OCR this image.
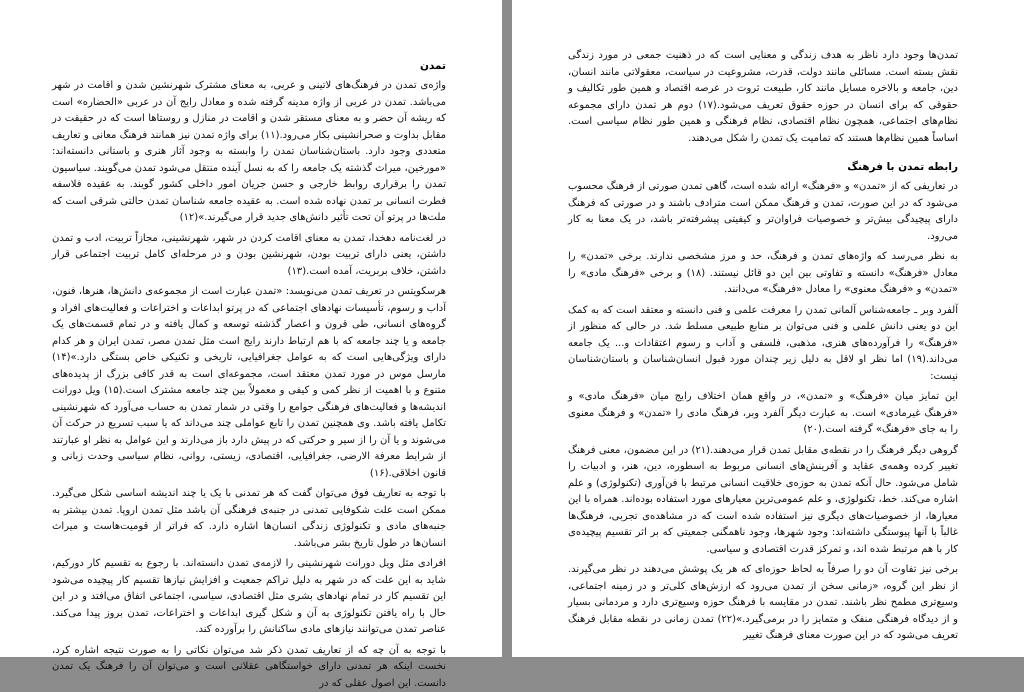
تمدن

واژه‌ی تمدن در فرهنگ‌های لاتینی و عربی، به معنای مشترک شهرنشین شدن و اقامت در شهر می‌باشد. تمدن در عربی از واژه مدینه گرفته شده و معادل رایج آن در عربی «الحضاره» است که ریشه آن حضر و به معنای مستقر شدن و اقامت در منازل و روستاها است که در حقیقت در مقابل بداوت و صحرانشینی بکار می‌رود.(۱۱) برای واژه تمدن نیز همانند فرهنگ معانی و تعاریف متعددی وجود دارد. باستان‌شناسان تمدن را وابسته به وجود آثار هنری و باستانی دانسته‌اند: «مورخین، میراث گذشته یک جامعه را که به نسل آینده منتقل می‌شود تمدن می‌گویند. سیاسیون تمدن را برقراری روابط خارجی و حسن جریان امور داخلی کشور گویند. به عقیده فلاسفه فطرت انسانی بر تمدن نهاده شده است. به عقیده جامعه شناسان تمدن حالتی شرقی است که ملت‌ها در پرتو آن تحت تأثیر دانش‌های جدید قرار می‌گیرند.»(۱۲)

در لغت‌نامه دهخدا، تمدن به معنای اقامت کردن در شهر، شهرنشینی، مجازاً تربیت، ادب و تمدن داشتن، یعنی دارای تربیت بودن، شهرنشین بودن و در مرحله‌ای کامل تربیت اجتماعی قرار داشتن، خلاف بربریت، آمده است.(۱۳)

هرسکویتس در تعریف تمدن می‌نویسد: «تمدن عبارت است از مجموعه‌ی دانش‌ها، هنرها، فنون، آداب و رسوم، تأسیسات نهادهای اجتماعی که در پرتو ابداعات و اختراعات و فعالیت‌های افراد و گروه‌های انسانی، طی قرون و اعصار گذشته توسعه و کمال یافته و در تمام قسمت‌های یک جامعه و یا چند جامعه که با هم ارتباط دارند رایج است مثل تمدن مصر، تمدن ایران و هر کدام دارای ویژگی‌هایی است که به عوامل جغرافیایی، تاریخی و تکنیکی خاص بستگی دارد.»(۱۴) مارسل موس در مورد تمدن معتقد است، مجموعه‌ای است به قدر کافی بزرگ از پدیده‌های متنوع و با اهمیت از نظر کمی و کیفی و معمولاً بین چند جامعه مشترک است.(۱۵) ویل دورانت اندیشه‌ها و فعالیت‌های فرهنگی جوامع را وقتی در شمار تمدن به حساب می‌آورد که شهرنشینی تکامل یافته باشد. وی همچنین تمدن را تابع عواملی چند می‌داند که یا سبب تسریع در حرکت آن می‌شوند و یا آن را از سیر و حرکتی که در پیش دارد باز می‌دارند و این عوامل به نظر او عبارتند از شرایط معرفة الارضی، جغرافیایی، اقتصادی، زیستی، روانی، نظام سیاسی وحدت زبانی و قانون اخلاقی.(۱۶)

با توجه به تعاریف فوق می‌توان گفت که هر تمدنی با یک یا چند اندیشه اساسی شکل می‌گیرد. ممکن است علت شکوفایی تمدنی در جنبه‌ی فرهنگی آن باشد مثل تمدن اروپا. تمدن بیشتر به جنبه‌های مادی و تکنولوژی زندگی انسان‌ها اشاره دارد. که فراتر از قومیت‌هاست و میراث انسان‌ها در طول تاریخ بشر می‌باشد.

افرادی مثل ویل دورانت شهرنشینی را لازمه‌ی تمدن دانسته‌اند. با رجوع به تقسیم کار دورکیم، شاید به این علت که در شهر به دلیل تراکم جمعیت و افزایش نیازها تقسیم کار پیچیده می‌شود این تقسیم کار در تمام نهادهای بشری مثل اقتصادی، سیاسی، اجتماعی اتفاق می‌افتد و در این حال با راه یافتن تکنولوژی به آن و شکل گیری ابداعات و اختراعات، تمدن بروز پیدا می‌کند. عناصر تمدن می‌توانند نیازهای مادی ساکنانش را برآورده کند.

با توجه به آن چه که از تعاریف تمدن ذکر شد می‌توان نکاتی را به صورت نتیجه اشاره کرد، نخست اینکه هر تمدنی دارای خواستگاهی عقلانی است و می‌توان آن را فرهنگ یک تمدن دانست. این اصول عقلی که در

تمدن‌ها وجود دارد ناظر به هدف زندگی و معنایی است که در ذهنیت جمعی در مورد زندگی نقش بسته است. مسائلی مانند دولت، قدرت، مشروعیت در سیاست، معقولاتی مانند انسان، دین، جامعه و بالاخره مسایل مانند کار، طبیعت ثروت در عرصه اقتصاد و همین طور تکالیف و حقوقی که برای انسان در حوزه حقوق تعریف می‌شود.(۱۷) دوم هر تمدن دارای مجموعه نظام‌های اجتماعی، همچون نظام اقتصادی، نظام فرهنگی و همین طور نظام سیاسی است. اساساً همین نظام‌ها هستند که تمامیت یک تمدن را شکل می‌دهند.

رابطه تمدن با فرهنگ

در تعاریفی که از «تمدن» و «فرهنگ» ارائه شده است، گاهی تمدن صورتی از فرهنگ محسوب می‌شود که در این صورت، تمدن و فرهنگ ممکن است مترادف باشند و در صورتی که فرهنگ دارای پیچیدگی بیش‌تر و خصوصیات فراوان‌تر و کیفیتی پیشرفته‌تر باشد، در یک معنا به کار می‌رود.

به نظر می‌رسد که واژه‌های تمدن و فرهنگ، حد و مرز مشخصی ندارند. برخی «تمدن» را معادل «فرهنگ» دانسته و تفاوتی بین این دو قائل نیستند. (۱۸) و برخی «فرهنگ مادی» را «تمدن» و «فرهنگ معنوی» را معادل «فرهنگ» می‌دانند.

آلفرد وبر ـ جامعه‌شناس آلمانی تمدن را معرفت علمی و فنی دانسته و معتقد است که به کمک این دو یعنی دانش علمی و فنی می‌توان بر منابع طبیعی مسلط شد. در حالی که منظور از «فرهنگ» را فرآورده‌های هنری، مذهبی، فلسفی و آداب و رسوم اعتقادات و... یک جامعه می‌داند.(۱۹) اما نظر او لاقل به دلیل زیر چندان مورد قبول انسان‌شناسان و باستان‌شناسان نیست:

این تمایز میان «فرهنگ» و «تمدن»، در واقع همان اختلاف رایج میان «فرهنگ مادی» و «فرهنگ غیرمادی» است. به عبارت دیگر آلفرد وبر، فرهنگ مادی را «تمدن» و فرهنگ معنوی را به جای «فرهنگ» گرفته است.(۲۰)

گروهی دیگر فرهنگ را در نقطه‌ی مقابل تمدن قرار می‌دهند.(۲۱) در این مضمون، معنی فرهنگ تغییر کرده وهمه‌ی عقاید و آفرینش‌های انسانی مربوط به اسطوره، دین، هنر، و ادبیات را شامل می‌شود. حال آنکه تمدن به حوزه‌ی خلاقیت انسانی مرتبط با فن‌آوری (تکنولوژی) و علم اشاره می‌کند. خط، تکنولوژی، و علم عمومی‌ترین معیارهای مورد استفاده بوده‌اند. همراه با این معیارها، از خصوصیات‌های دیگری نیز استفاده شده است که در مشاهده‌ی تجربی، فرهنگ‌ها غالباً با آنها پیوستگی داشته‌اند: وجود شهرها، وجود ناهمگنی جمعیتی که بر اثر تقسیم پیچیده‌ی کار با هم مرتبط شده اند، و تمرکز قدرت اقتصادی و سیاسی.

برخی نیز تفاوت آن دو را صرفاً به لحاظ حوزه‌ای که هر یک پوشش می‌دهند در نظر می‌گیرند. از نظر این گروه، «زمانی سخن از تمدن می‌رود که ارزش‌های کلی‌تر و در زمینه اجتماعی، وسیع‌تری مطمح نظر باشند. تمدن در مقایسه با فرهنگ حوزه وسیع‌تری دارد و مردمانی بسیار و از دیدگاه فرهنگی منفک و متمایز را در برمی‌گیرد.»(۲۲) تمدن زمانی در نقطه مقابل فرهنگ تعریف می‌شود که در این صورت معنای فرهنگ تغییر
